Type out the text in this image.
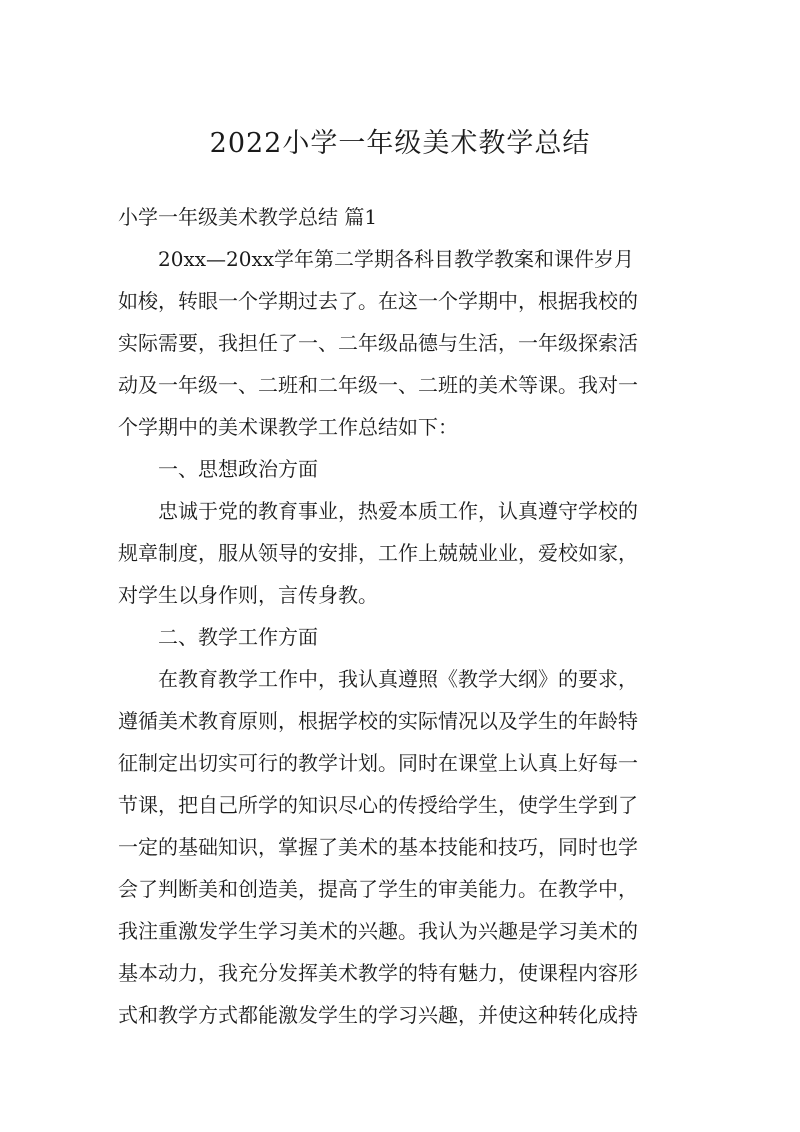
2022小学一年级美术教学总结

小学一年级美术教学总结 篇1

　　20xx—20xx学年第二学期各科目教学教案和课件岁月

如梭，转眼一个学期过去了。在这一个学期中，根据我校的

实际需要，我担任了一、二年级品德与生活，一年级探索活

动及一年级一、二班和二年级一、二班的美术等课。我对一

个学期中的美术课教学工作总结如下：

　　一、思想政治方面

　　忠诚于党的教育事业，热爱本质工作，认真遵守学校的

规章制度，服从领导的安排，工作上兢兢业业，爱校如家，

对学生以身作则，言传身教。

　　二、教学工作方面

　　在教育教学工作中，我认真遵照《教学大纲》的要求，

遵循美术教育原则，根据学校的实际情况以及学生的年龄特

征制定出切实可行的教学计划。同时在课堂上认真上好每一

节课，把自己所学的知识尽心的传授给学生，使学生学到了

一定的基础知识，掌握了美术的基本技能和技巧，同时也学

会了判断美和创造美，提高了学生的审美能力。在教学中，

我注重激发学生学习美术的兴趣。我认为兴趣是学习美术的

基本动力，我充分发挥美术教学的特有魅力，使课程内容形

式和教学方式都能激发学生的学习兴趣，并使这种转化成持
